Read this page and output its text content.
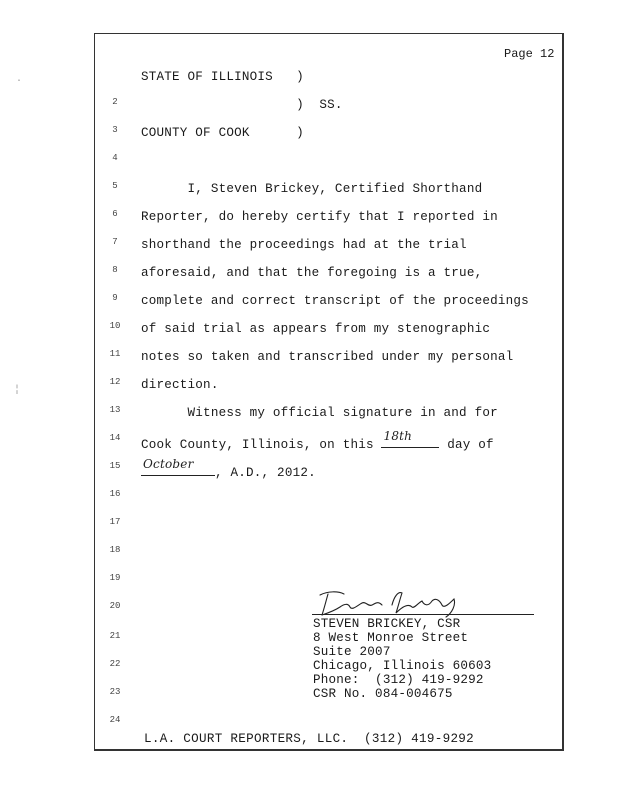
·
¦
Page 12
2
3
4
5
6
7
8
9
10
11
12
13
14
15
16
17
18
19
20
21
22
23
24
STATE OF ILLINOIS   )
)  SS.
COUNTY OF COOK      )
I, Steven Brickey, Certified Shorthand
Reporter, do hereby certify that I reported in
shorthand the proceedings had at the trial
aforesaid, and that the foregoing is a true,
complete and correct transcript of the proceedings
of said trial as appears from my stenographic
notes so taken and transcribed under my personal
direction.
Witness my official signature in and for
Cook County, Illinois, on this
18th
day of
October
, A.D., 2012.
STEVEN BRICKEY, CSR
8 West Monroe Street
Suite 2007
Chicago, Illinois 60603
Phone:  (312) 419-9292
CSR No. 084-004675
L.A. COURT REPORTERS, LLC.  (312) 419-9292
